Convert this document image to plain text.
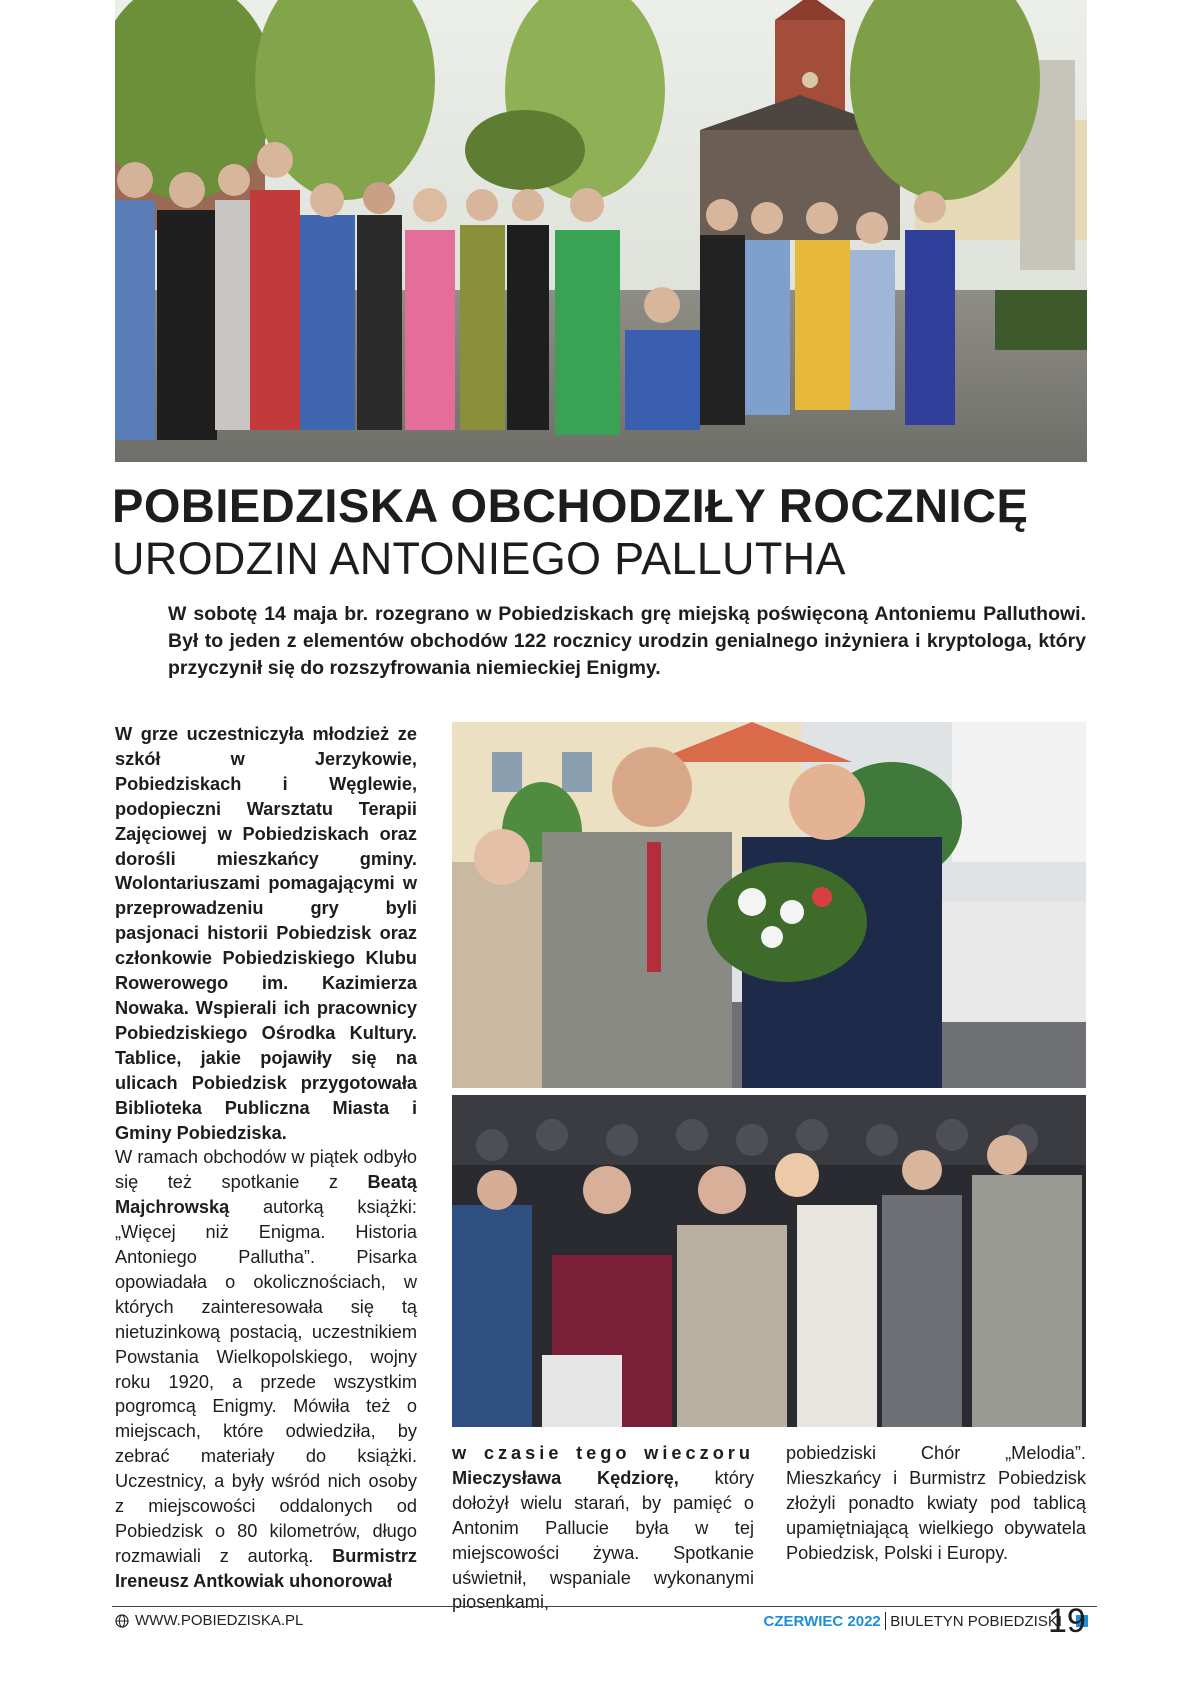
POBIEDZISKA OBCHODZIŁY ROCZNICĘ
URODZIN ANTONIEGO PALLUTHA

W sobotę 14 maja br. rozegrano w Pobiedziskach grę miejską poświęconą Antoniemu Palluthowi. Był to jeden z elementów obchodów 122 rocznicy urodzin genialnego inżyniera i kryptologa, który przyczynił się do rozszyfrowania niemieckiej Enigmy.

W grze uczestniczyła młodzież ze szkół w Jerzykowie, Pobiedziskach i Węglewie, podopieczni Warsztatu Terapii Zajęciowej w Pobiedziskach oraz dorośli mieszkańcy gminy. Wolontariuszami pomagającymi w przeprowadzeniu gry byli pasjonaci historii Pobiedzisk oraz członkowie Pobiedziskiego Klubu Rowerowego im. Kazimierza Nowaka. Wspierali ich pracownicy Pobiedziskiego Ośrodka Kultury. Tablice, jakie pojawiły się na ulicach Pobiedzisk przygotowała Biblioteka Publiczna Miasta i Gminy Pobiedziska.

W ramach obchodów w piątek odbyło się też spotkanie z Beatą Majchrowską autorką książki: „Więcej niż Enigma. Historia Antoniego Pallutha”. Pisarka opowiadała o okolicznościach, w których zainteresowała się tą nietuzinkową postacią, uczestnikiem Powstania Wielkopolskiego, wojny roku 1920, a przede wszystkim pogromcą Enigmy. Mówiła też o miejscach, które odwiedziła, by zebrać materiały do książki. Uczestnicy, a były wśród nich osoby z miejscowości oddalonych od Pobiedzisk o 80 kilometrów, długo rozmawiali z autorką. Burmistrz Ireneusz Antkowiak uhonorował

w czasie tego wieczoru Mieczysława Kędziorę, który dołożył wielu starań, by pamięć o Antonim Pallucie była w tej miejscowości żywa. Spotkanie uświetnił, wspaniale wykonanymi piosenkami,

pobiedziski Chór „Melodia”. Mieszkańcy i Burmistrz Pobiedzisk złożyli ponadto kwiaty pod tablicą upamiętniającą wielkiego obywatela Pobiedzisk, Polski i Europy.

WWW.POBIEDZISKA.PL	CZERWIEC 2022 BIULETYN POBIEDZISKI
19
